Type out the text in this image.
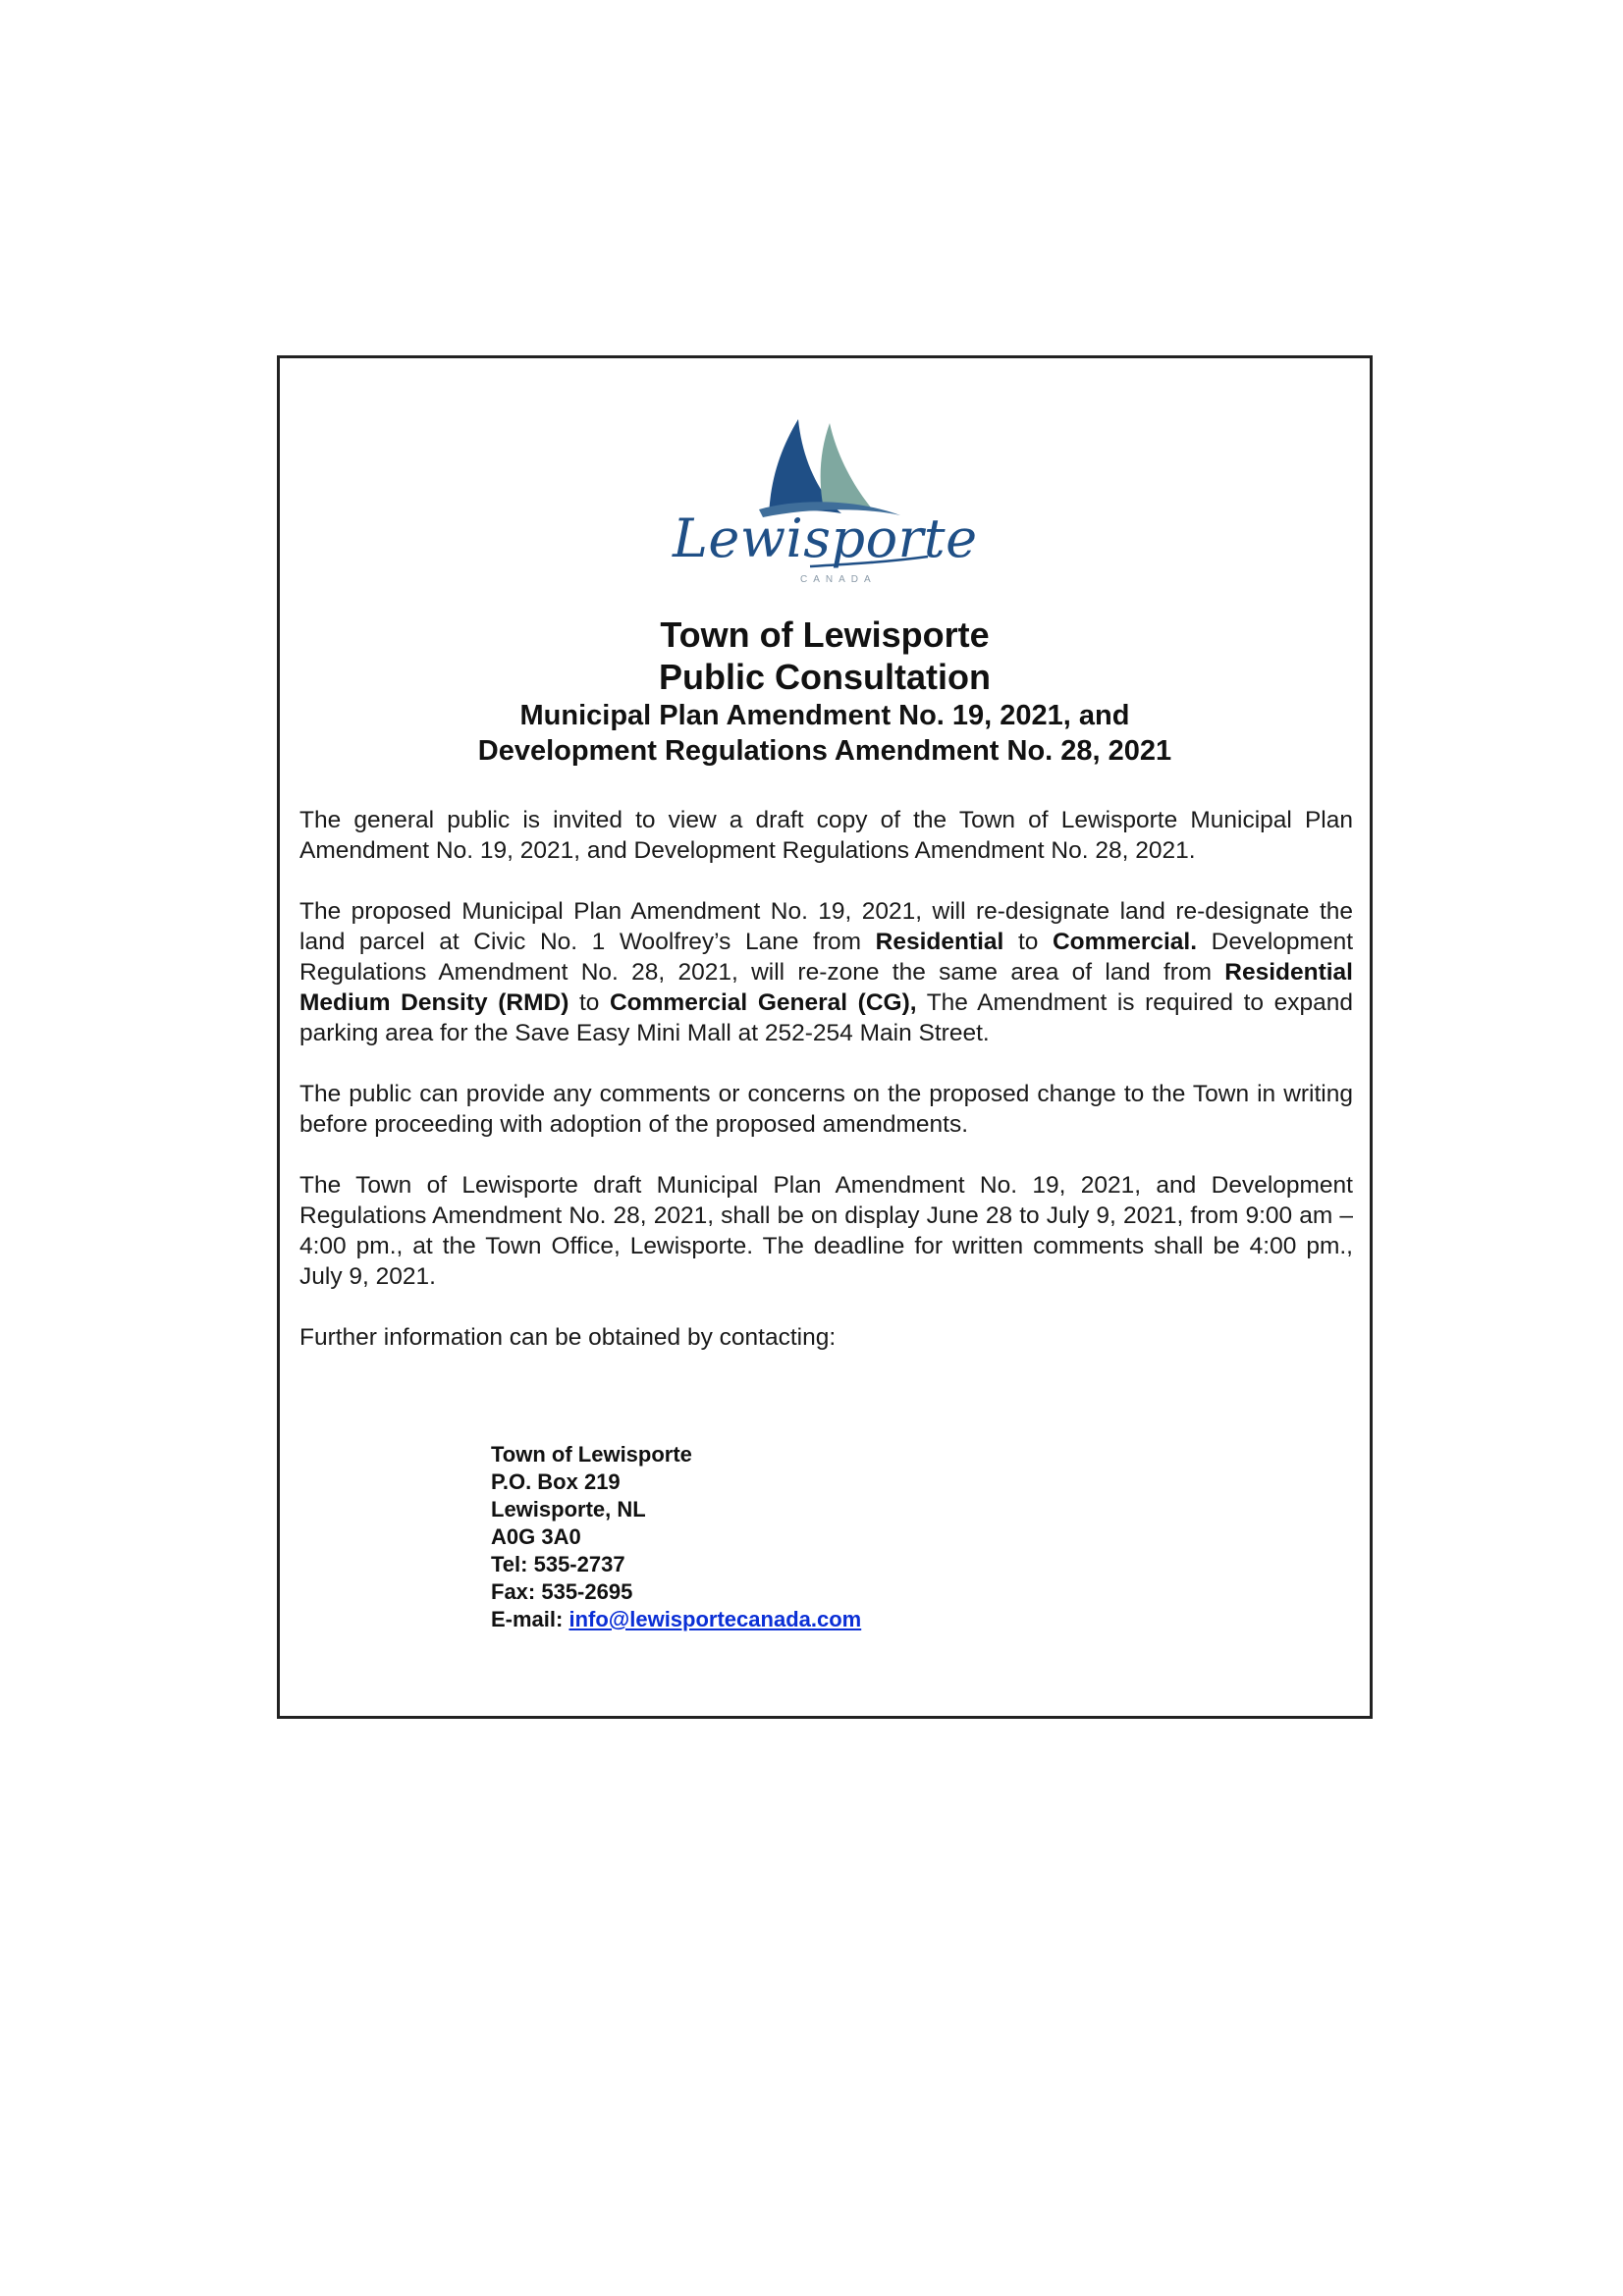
Lewisporte
CANADA
Town of Lewisporte
Public Consultation
Municipal Plan Amendment No. 19, 2021, and
Development Regulations Amendment No. 28, 2021

The general public is invited to view a draft copy of the Town of Lewisporte Municipal Plan Amendment No. 19, 2021, and Development Regulations Amendment No. 28, 2021.

The proposed Municipal Plan Amendment No. 19, 2021, will re-designate land re-designate the land parcel at Civic No. 1 Woolfrey’s Lane from Residential to Commercial. Development Regulations Amendment No. 28, 2021, will re-zone the same area of land from Residential Medium Density (RMD) to Commercial General (CG), The Amendment is required to expand parking area for the Save Easy Mini Mall at 252-254 Main Street.

The public can provide any comments or concerns on the proposed change to the Town in writing before proceeding with adoption of the proposed amendments.

The Town of Lewisporte draft Municipal Plan Amendment No. 19, 2021, and Development Regulations Amendment No. 28, 2021, shall be on display June 28 to July 9, 2021, from 9:00 am – 4:00 pm., at the Town Office, Lewisporte. The deadline for written comments shall be 4:00 pm., July 9, 2021.

Further information can be obtained by contacting:

Town of Lewisporte
P.O. Box 219
Lewisporte, NL
A0G 3A0
Tel: 535-2737
Fax: 535-2695
E-mail: info@lewisportecanada.com
